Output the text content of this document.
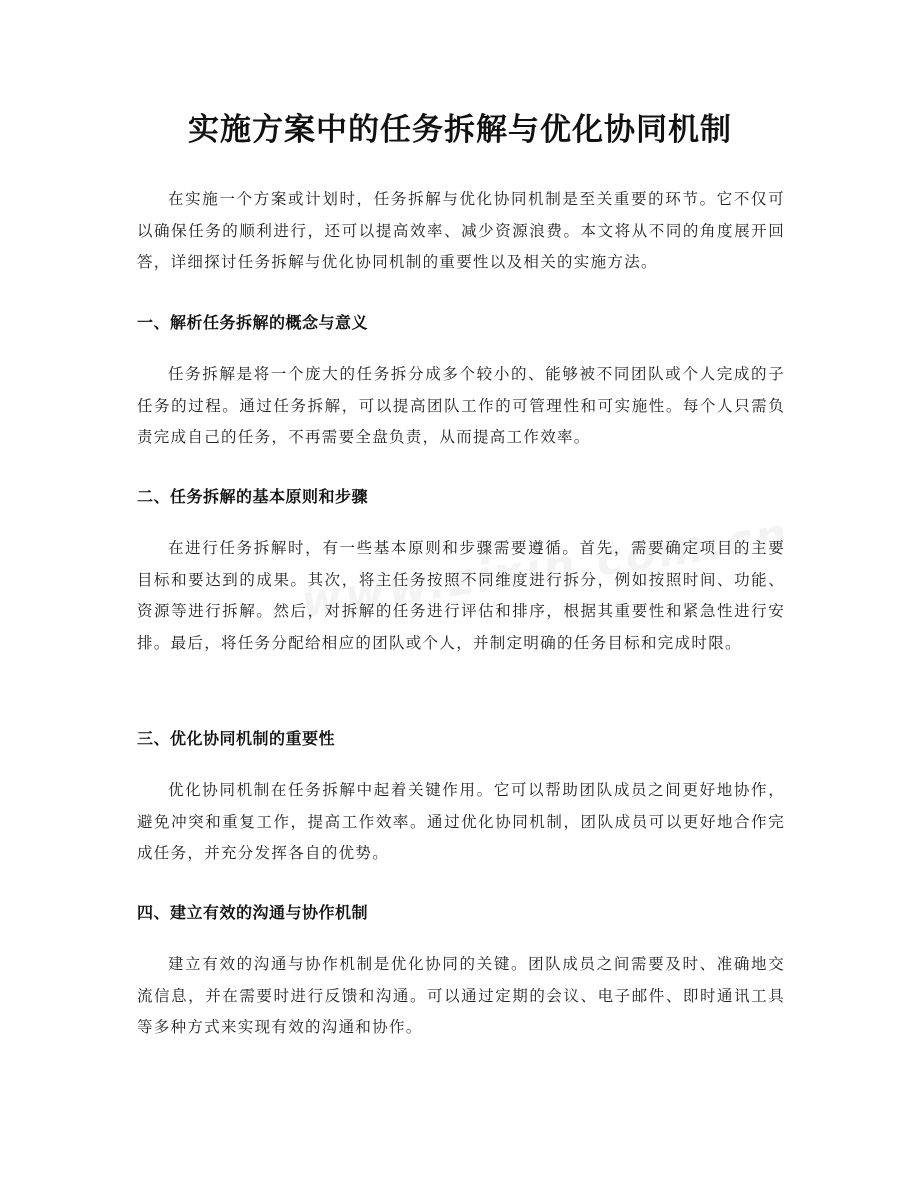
实施方案中的任务拆解与优化协同机制
在实施一个方案或计划时，任务拆解与优化协同机制是至关重要的环节。它不仅可以确保任务的顺利进行，还可以提高效率、减少资源浪费。本文将从不同的角度展开回答，详细探讨任务拆解与优化协同机制的重要性以及相关的实施方法。
一、解析任务拆解的概念与意义
任务拆解是将一个庞大的任务拆分成多个较小的、能够被不同团队或个人完成的子任务的过程。通过任务拆解，可以提高团队工作的可管理性和可实施性。每个人只需负责完成自己的任务，不再需要全盘负责，从而提高工作效率。
二、任务拆解的基本原则和步骤
在进行任务拆解时，有一些基本原则和步骤需要遵循。首先，需要确定项目的主要目标和要达到的成果。其次，将主任务按照不同维度进行拆分，例如按照时间、功能、资源等进行拆解。然后，对拆解的任务进行评估和排序，根据其重要性和紧急性进行安排。最后，将任务分配给相应的团队或个人，并制定明确的任务目标和完成时限。
三、优化协同机制的重要性
优化协同机制在任务拆解中起着关键作用。它可以帮助团队成员之间更好地协作，避免冲突和重复工作，提高工作效率。通过优化协同机制，团队成员可以更好地合作完成任务，并充分发挥各自的优势。
四、建立有效的沟通与协作机制
建立有效的沟通与协作机制是优化协同的关键。团队成员之间需要及时、准确地交流信息，并在需要时进行反馈和沟通。可以通过定期的会议、电子邮件、即时通讯工具等多种方式来实现有效的沟通和协作。
